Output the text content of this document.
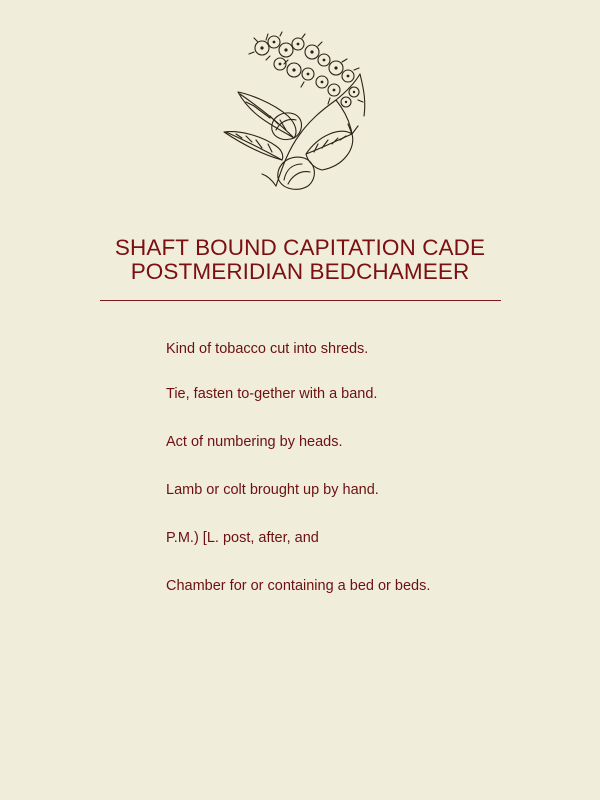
SHAFT BOUND CAPITATION CADE
POSTMERIDIAN BEDCHAMEER
Kind of tobacco cut into shreds.
Tie, fasten to-gether with a band.
Act of numbering by heads.
Lamb or colt brought up by hand.
P.M.) [L. post, after, and
Chamber for or containing a bed or beds.
